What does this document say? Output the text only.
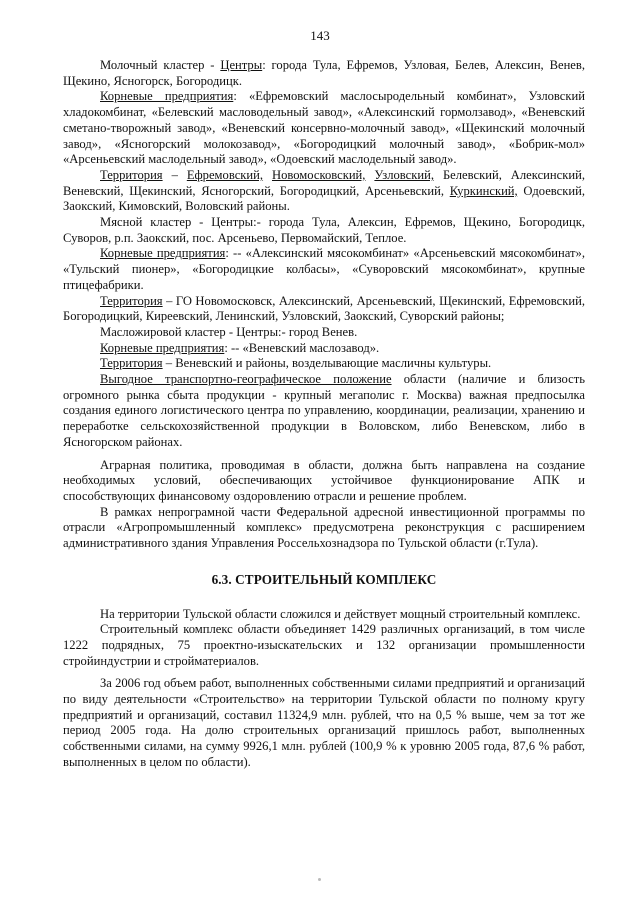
143

Молочный кластер - Центры: города Тула, Ефремов, Узловая, Белев, Алексин, Венев, Щекино, Ясногорск, Богородицк.

Корневые предприятия: «Ефремовский маслосыродельный комбинат», Узловский хладокомбинат, «Белевский масловодельный завод», «Алексинский гормолзавод», «Веневский сметано-творожный завод», «Веневский консервно-молочный завод», «Щекинский молочный завод», «Ясногорский молокозавод», «Богородицкий молочный завод», «Бобрик-мол» «Арсеньевский маслодельный завод», «Одоевский маслодельный завод».

Территория – Ефремовский, Новомосковский, Узловский, Белевский, Алексинский, Веневский, Щекинский, Ясногорский, Богородицкий, Арсеньевский, Куркинский, Одоевский, Заокский, Кимовский, Воловский районы.

Мясной кластер - Центры:- города Тула, Алексин, Ефремов, Щекино, Богородицк, Суворов, р.п. Заокский, пос. Арсеньево, Первомайский, Теплое.

Корневые предприятия: -- «Алексинский мясокомбинат» «Арсеньевский мясокомбинат», «Тульский пионер», «Богородицкие колбасы», «Суворовский мясокомбинат», крупные птицефабрики.

Территория – ГО Новомосковск, Алексинский, Арсеньевский, Щекинский, Ефремовский, Богородицкий, Киреевский, Ленинский, Узловский, Заокский, Суворский районы;

Масложировой кластер - Центры:- город Венев.

Корневые предприятия: -- «Веневский маслозавод».

Территория – Веневский и районы, возделывающие масличны культуры.

Выгодное транспортно-географическое положение области (наличие и близость огромного рынка сбыта продукции - крупный мегаполис г. Москва) важная предпосылка создания единого логистического центра по управлению, координации, реализации, хранению и переработке сельскохозяйственной продукции в Воловском, либо Веневском, либо в Ясногорском районах.

Аграрная политика, проводимая в области, должна быть направлена на создание необходимых условий, обеспечивающих устойчивое функционирование АПК и способствующих финансовому оздоровлению отрасли и решение проблем.

В рамках непрограмной части Федеральной адресной инвестиционной программы по отрасли «Агропромышленный комплекс» предусмотрена реконструкция с расширением административного здания Управления Россельхознадзора по Тульской области (г.Тула).

6.3. СТРОИТЕЛЬНЫЙ КОМПЛЕКС

На территории Тульской области сложился и действует мощный строительный комплекс.

Строительный комплекс области объединяет 1429 различных организаций, в том числе 1222 подрядных, 75 проектно-изыскательских и 132 организации промышленности стройиндустрии и стройматериалов.

За 2006 год объем работ, выполненных собственными силами предприятий и организаций по виду деятельности «Строительство» на территории Тульской области по полному кругу предприятий и организаций, составил 11324,9 млн. рублей, что на 0,5 % выше, чем за тот же период 2005 года. На долю строительных организаций пришлось работ, выполненных собственными силами, на сумму 9926,1 млн. рублей (100,9 % к уровню 2005 года, 87,6 % работ, выполненных в целом по области).
